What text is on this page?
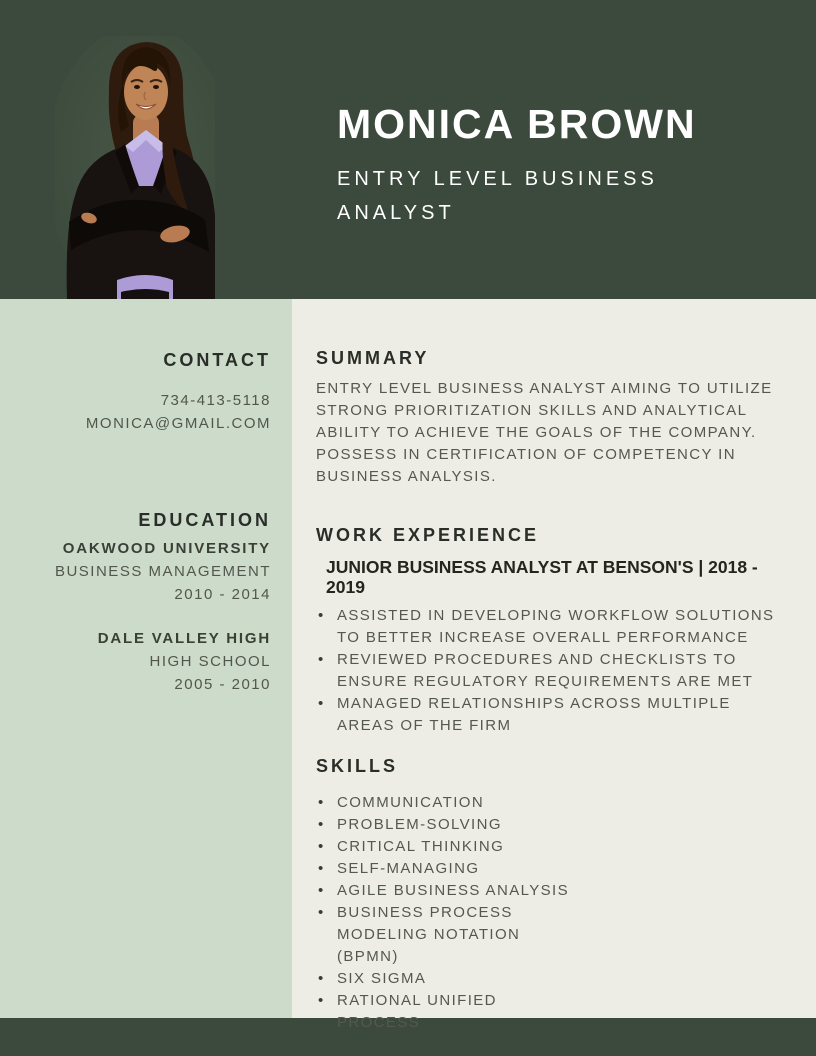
MONICA BROWN
ENTRY LEVEL BUSINESS ANALYST
CONTACT
734-413-5118
MONICA@GMAIL.COM
EDUCATION
OAKWOOD UNIVERSITY
BUSINESS MANAGEMENT
2010 - 2014
DALE VALLEY HIGH
HIGH SCHOOL
2005 - 2010
SUMMARY

ENTRY LEVEL BUSINESS ANALYST AIMING TO UTILIZE STRONG PRIORITIZATION SKILLS AND ANALYTICAL ABILITY TO ACHIEVE THE GOALS OF THE COMPANY. POSSESS IN CERTIFICATION OF COMPETENCY IN BUSINESS ANALYSIS.

WORK EXPERIENCE
JUNIOR BUSINESS ANALYST AT BENSON'S | 2018 - 2019
• ASSISTED IN DEVELOPING WORKFLOW SOLUTIONS TO BETTER INCREASE OVERALL PERFORMANCE
• REVIEWED PROCEDURES AND CHECKLISTS TO ENSURE REGULATORY REQUIREMENTS ARE MET
• MANAGED RELATIONSHIPS ACROSS MULTIPLE AREAS OF THE FIRM
SKILLS
• COMMUNICATION
• PROBLEM-SOLVING
• CRITICAL THINKING
• SELF-MANAGING
• AGILE BUSINESS ANALYSIS
• BUSINESS PROCESS MODELING NOTATION (BPMN)
• SIX SIGMA
• RATIONAL UNIFIED PROCESS
